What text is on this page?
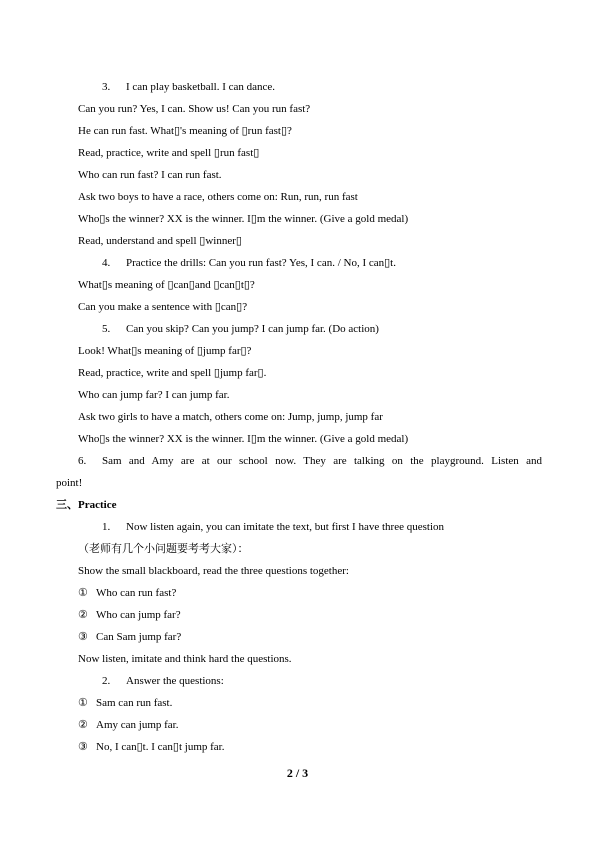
3. I can play basketball. I can dance.
Can you run? Yes, I can. Show us! Can you run fast?
He can run fast. What▯'s meaning of ▯run fast▯?
Read, practice, write and spell ▯run fast▯
Who can run fast? I can run fast.
Ask two boys to have a race, others come on: Run, run, run fast
Who▯s the winner? XX is the winner. I▯m the winner. (Give a gold medal)
Read, understand and spell ▯winner▯
4. Practice the drills: Can you run fast? Yes, I can. / No, I can▯t.
What▯s meaning of ▯can▯and ▯can▯t▯?
Can you make a sentence with ▯can▯?
5. Can you skip? Can you jump? I can jump far. (Do action)
Look! What▯s meaning of ▯jump far▯?
Read, practice, write and spell ▯jump far▯.
Who can jump far? I can jump far.
Ask two girls to have a match, others come on: Jump, jump, jump far
Who▯s the winner? XX is the winner. I▯m the winner. (Give a gold medal)
6. Sam and Amy are at our school now. They are talking on the playground. Listen and
point!
三、Practice
1. Now listen again, you can imitate the text, but first I have three question
（老师有几个小问题要考考大家）：
Show the small blackboard, read the three questions together:
① Who can run fast?
② Who can jump far?
③ Can Sam jump far?
Now listen, imitate and think hard the questions.
2. Answer the questions:
① Sam can run fast.
② Amy can jump far.
③ No, I can▯t. I can▯t jump far.
2 / 3
